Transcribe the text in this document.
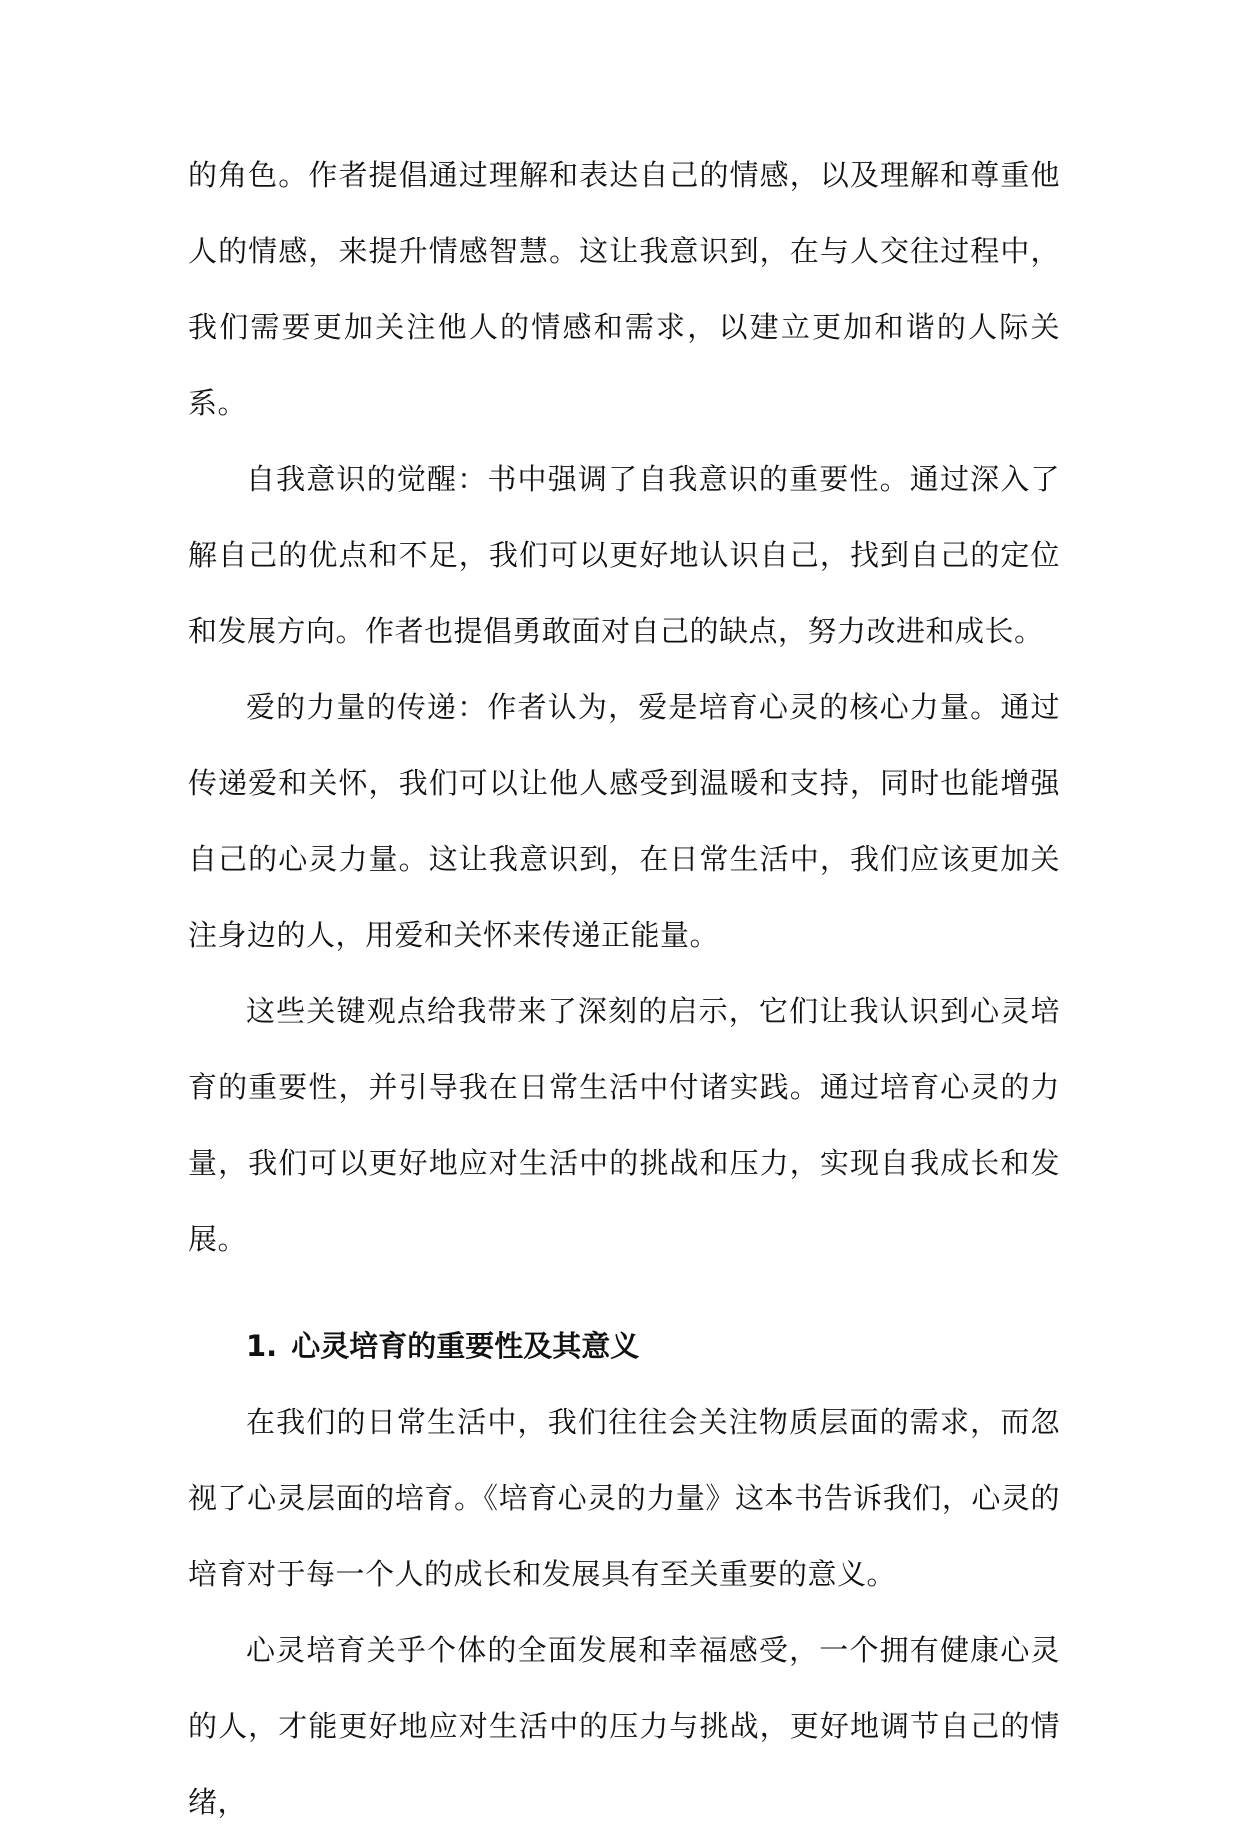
的角色。作者提倡通过理解和表达自己的情感，以及理解和尊重他人的情感，来提升情感智慧。这让我意识到，在与人交往过程中，我们需要更加关注他人的情感和需求，以建立更加和谐的人际关系。

自我意识的觉醒：书中强调了自我意识的重要性。通过深入了解自己的优点和不足，我们可以更好地认识自己，找到自己的定位和发展方向。作者也提倡勇敢面对自己的缺点，努力改进和成长。

爱的力量的传递：作者认为，爱是培育心灵的核心力量。通过传递爱和关怀，我们可以让他人感受到温暖和支持，同时也能增强自己的心灵力量。这让我意识到，在日常生活中，我们应该更加关注身边的人，用爱和关怀来传递正能量。

这些关键观点给我带来了深刻的启示，它们让我认识到心灵培育的重要性，并引导我在日常生活中付诸实践。通过培育心灵的力量，我们可以更好地应对生活中的挑战和压力，实现自我成长和发展。

1. 心灵培育的重要性及其意义

在我们的日常生活中，我们往往会关注物质层面的需求，而忽视了心灵层面的培育。《培育心灵的力量》这本书告诉我们，心灵的培育对于每一个人的成长和发展具有至关重要的意义。

心灵培育关乎个体的全面发展和幸福感受，一个拥有健康心灵的人，才能更好地应对生活中的压力与挑战，更好地调节自己的情绪，
